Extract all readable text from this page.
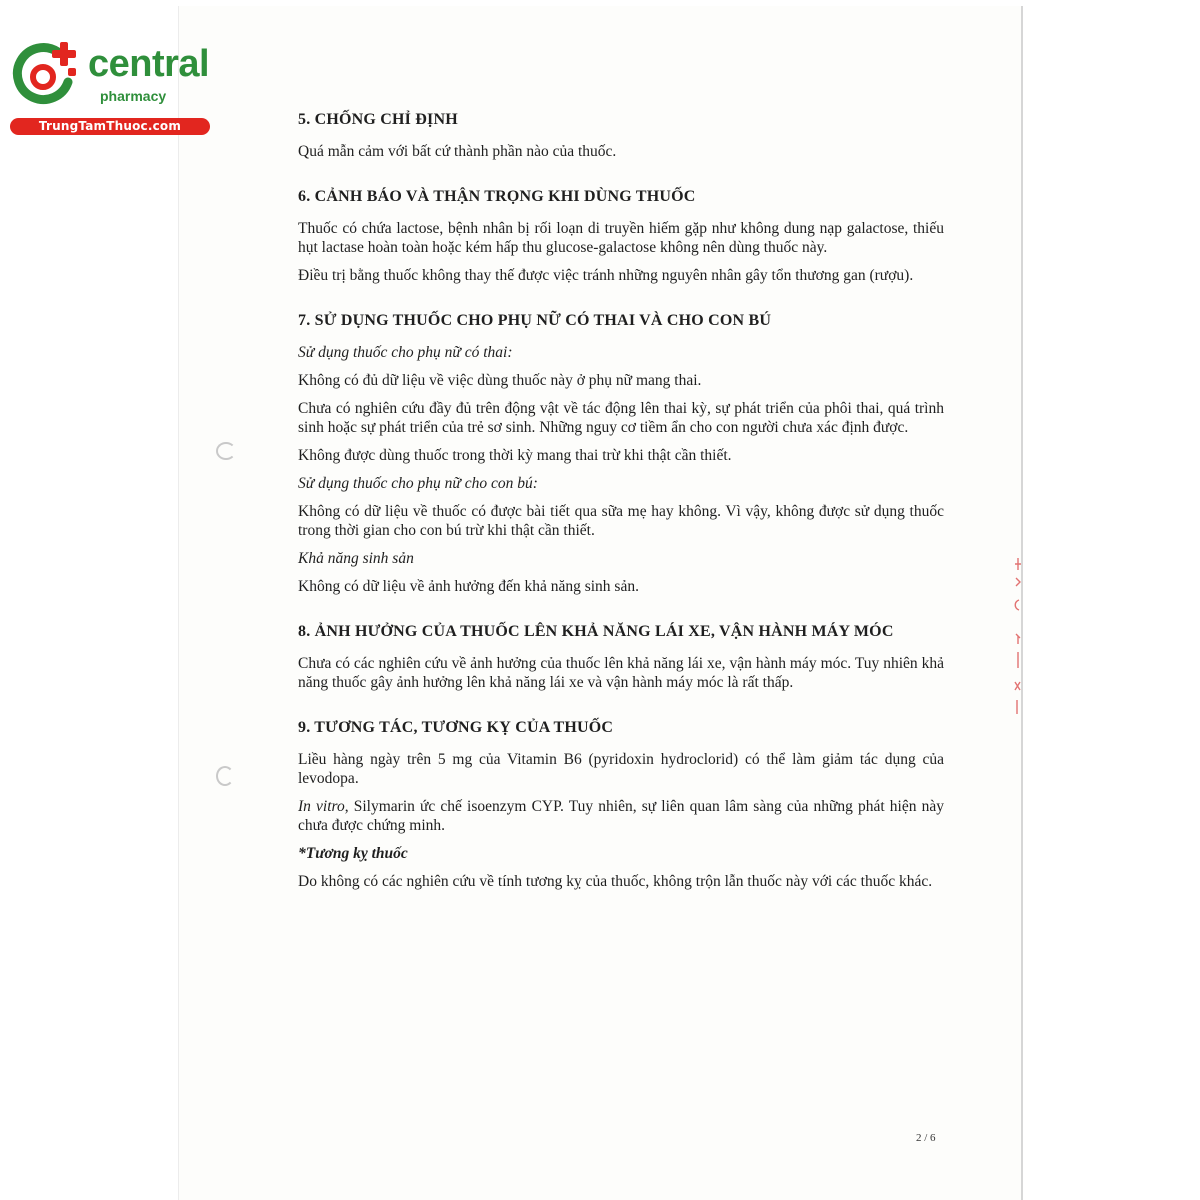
central
pharmacy
TrungTamThuoc.com	5. CHỐNG CHỈ ĐỊNH

Quá mẫn cảm với bất cứ thành phần nào của thuốc.

6. CẢNH BÁO VÀ THẬN TRỌNG KHI DÙNG THUỐC

Thuốc có chứa lactose, bệnh nhân bị rối loạn di truyền hiếm gặp như không dung nạp galactose, thiếu hụt lactase hoàn toàn hoặc kém hấp thu glucose-galactose không nên dùng thuốc này.

Điều trị bằng thuốc không thay thế được việc tránh những nguyên nhân gây tổn thương gan (rượu).

7. SỬ DỤNG THUỐC CHO PHỤ NỮ CÓ THAI VÀ CHO CON BÚ

Sử dụng thuốc cho phụ nữ có thai:

Không có đủ dữ liệu về việc dùng thuốc này ở phụ nữ mang thai.

Chưa có nghiên cứu đầy đủ trên động vật về tác động lên thai kỳ, sự phát triển của phôi thai, quá trình sinh hoặc sự phát triển của trẻ sơ sinh. Những nguy cơ tiềm ẩn cho con người chưa xác định được.

Không được dùng thuốc trong thời kỳ mang thai trừ khi thật cần thiết.

Sử dụng thuốc cho phụ nữ cho con bú:

Không có dữ liệu về thuốc có được bài tiết qua sữa mẹ hay không. Vì vậy, không được sử dụng thuốc trong thời gian cho con bú trừ khi thật cần thiết.

Khả năng sinh sản

Không có dữ liệu về ảnh hưởng đến khả năng sinh sản.

8. ẢNH HƯỞNG CỦA THUỐC LÊN KHẢ NĂNG LÁI XE, VẬN HÀNH MÁY MÓC

Chưa có các nghiên cứu về ảnh hưởng của thuốc lên khả năng lái xe, vận hành máy móc. Tuy nhiên khả năng thuốc gây ảnh hưởng lên khả năng lái xe và vận hành máy móc là rất thấp.

9. TƯƠNG TÁC, TƯƠNG KỴ CỦA THUỐC

Liều hàng ngày trên 5 mg của Vitamin B6 (pyridoxin hydroclorid) có thể làm giảm tác dụng của levodopa.

In vitro, Silymarin ức chế isoenzym CYP. Tuy nhiên, sự liên quan lâm sàng của những phát hiện này chưa được chứng minh.

*Tương kỵ thuốc

Do không có các nghiên cứu về tính tương kỵ của thuốc, không trộn lẫn thuốc này với các thuốc khác.

2 / 6
